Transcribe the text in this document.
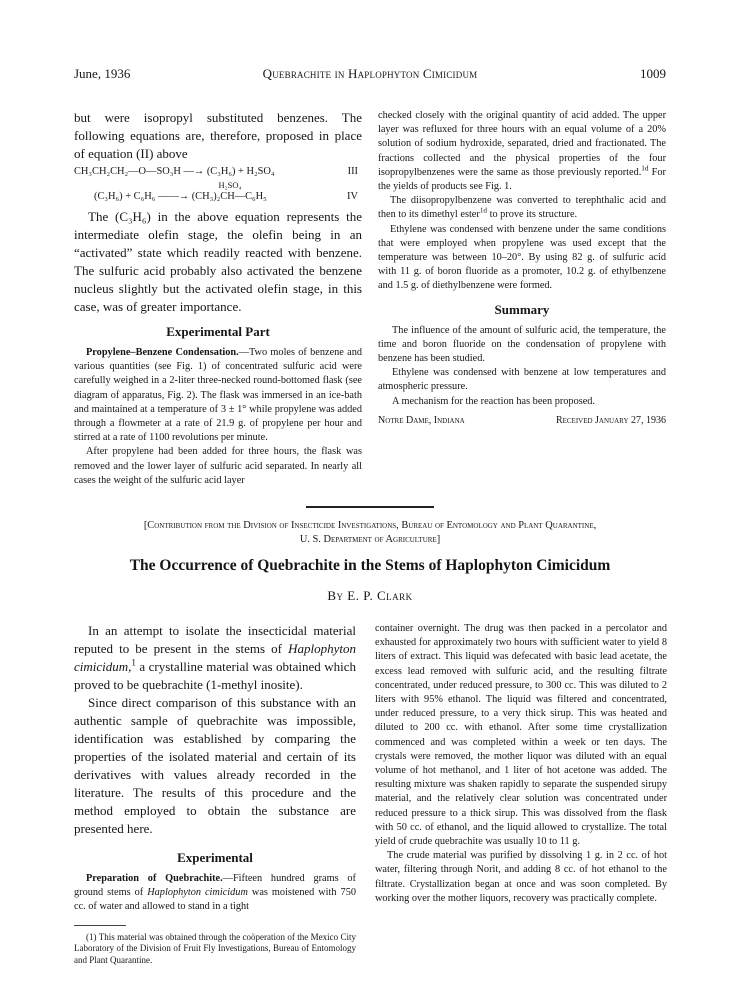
June, 1936	Quebrachite in Haplophyton Cimicidum	1009

but were isopropyl substituted benzenes. The following equations are, therefore, proposed in place of equation (II) above

CH₃CH₂CH₂—O—SO₃H —→ (C₃H₆) + H₂SO₄	III
H₂SO₄
(C₃H₆) + C₆H₆ ——→ (CH₃)₂CH—C₆H₅	IV

The (C₃H₆) in the above equation represents the intermediate olefin stage, the olefin being in an “activated” state which readily reacted with benzene. The sulfuric acid probably also activated the benzene nucleus slightly but the activated olefin stage, in this case, was of greater importance.

Experimental Part

Propylene–Benzene Condensation.—Two moles of benzene and various quantities (see Fig. 1) of concentrated sulfuric acid were carefully weighed in a 2-liter three-necked round-bottomed flask (see diagram of apparatus, Fig. 2). The flask was immersed in an ice-bath and maintained at a temperature of 3 ± 1° while propylene was added through a flowmeter at a rate of 21.9 g. of propylene per hour and stirred at a rate of 1100 revolutions per minute.

After propylene had been added for three hours, the flask was removed and the lower layer of sulfuric acid separated. In nearly all cases the weight of the sulfuric acid layer

checked closely with the original quantity of acid added. The upper layer was refluxed for three hours with an equal volume of a 20% solution of sodium hydroxide, separated, dried and fractionated. The fractions collected and the physical properties of the four isopropylbenzenes were the same as those previously reported.$^{1d}$ For the yields of products see Fig. 1.

The diisopropylbenzene was converted to terephthalic acid and then to its dimethyl ester$^{1d}$ to prove its structure.

Ethylene was condensed with benzene under the same conditions that were employed when propylene was used except that the temperature was between 10–20°. By using 82 g. of sulfuric acid with 11 g. of boron fluoride as a promoter, 10.2 g. of ethylbenzene and 1.5 g. of diethylbenzene were formed.

Summary

The influence of the amount of sulfuric acid, the temperature, the time and boron fluoride on the condensation of propylene with benzene has been studied.

Ethylene was condensed with benzene at low temperatures and atmospheric pressure.

A mechanism for the reaction has been proposed.

Notre Dame, Indiana	Received January 27, 1936
[Contribution from the Division of Insecticide Investigations, Bureau of Entomology and Plant Quarantine,
U. S. Department of Agriculture]
The Occurrence of Quebrachite in the Stems of Haplophyton Cimicidum
By E. P. Clark

In an attempt to isolate the insecticidal material reputed to be present in the stems of Haplophyton cimicidum,$^1$ a crystalline material was obtained which proved to be quebrachite (1-methyl inosite).

Since direct comparison of this substance with an authentic sample of quebrachite was impossible, identification was established by comparing the properties of the isolated material and certain of its derivatives with values already recorded in the literature. The results of this procedure and the method employed to obtain the substance are presented here.

Experimental

Preparation of Quebrachite.—Fifteen hundred grams of ground stems of Haplophyton cimicidum was moistened with 750 cc. of water and allowed to stand in a tight

(1) This material was obtained through the coöperation of the Mexico City Laboratory of the Division of Fruit Fly Investigations, Bureau of Entomology and Plant Quarantine.

container overnight. The drug was then packed in a percolator and exhausted for approximately two hours with sufficient water to yield 8 liters of extract. This liquid was defecated with basic lead acetate, the excess lead removed with sulfuric acid, and the resulting filtrate concentrated, under reduced pressure, to 300 cc. This was diluted to 2 liters with 95% ethanol. The liquid was filtered and concentrated, under reduced pressure, to a very thick sirup. This was heated and diluted to 200 cc. with ethanol. After some time crystallization commenced and was completed within a week or ten days. The crystals were removed, the mother liquor was diluted with an equal volume of hot methanol, and 1 liter of hot acetone was added. The resulting mixture was shaken rapidly to separate the suspended sirupy material, and the relatively clear solution was concentrated under reduced pressure to a thick sirup. This was dissolved from the flask with 50 cc. of ethanol, and the liquid allowed to crystallize. The total yield of crude quebrachite was usually 10 to 11 g.

The crude material was purified by dissolving 1 g. in 2 cc. of hot water, filtering through Norit, and adding 8 cc. of hot ethanol to the filtrate. Crystallization began at once and was soon completed. By working over the mother liquors, recovery was practically complete.
